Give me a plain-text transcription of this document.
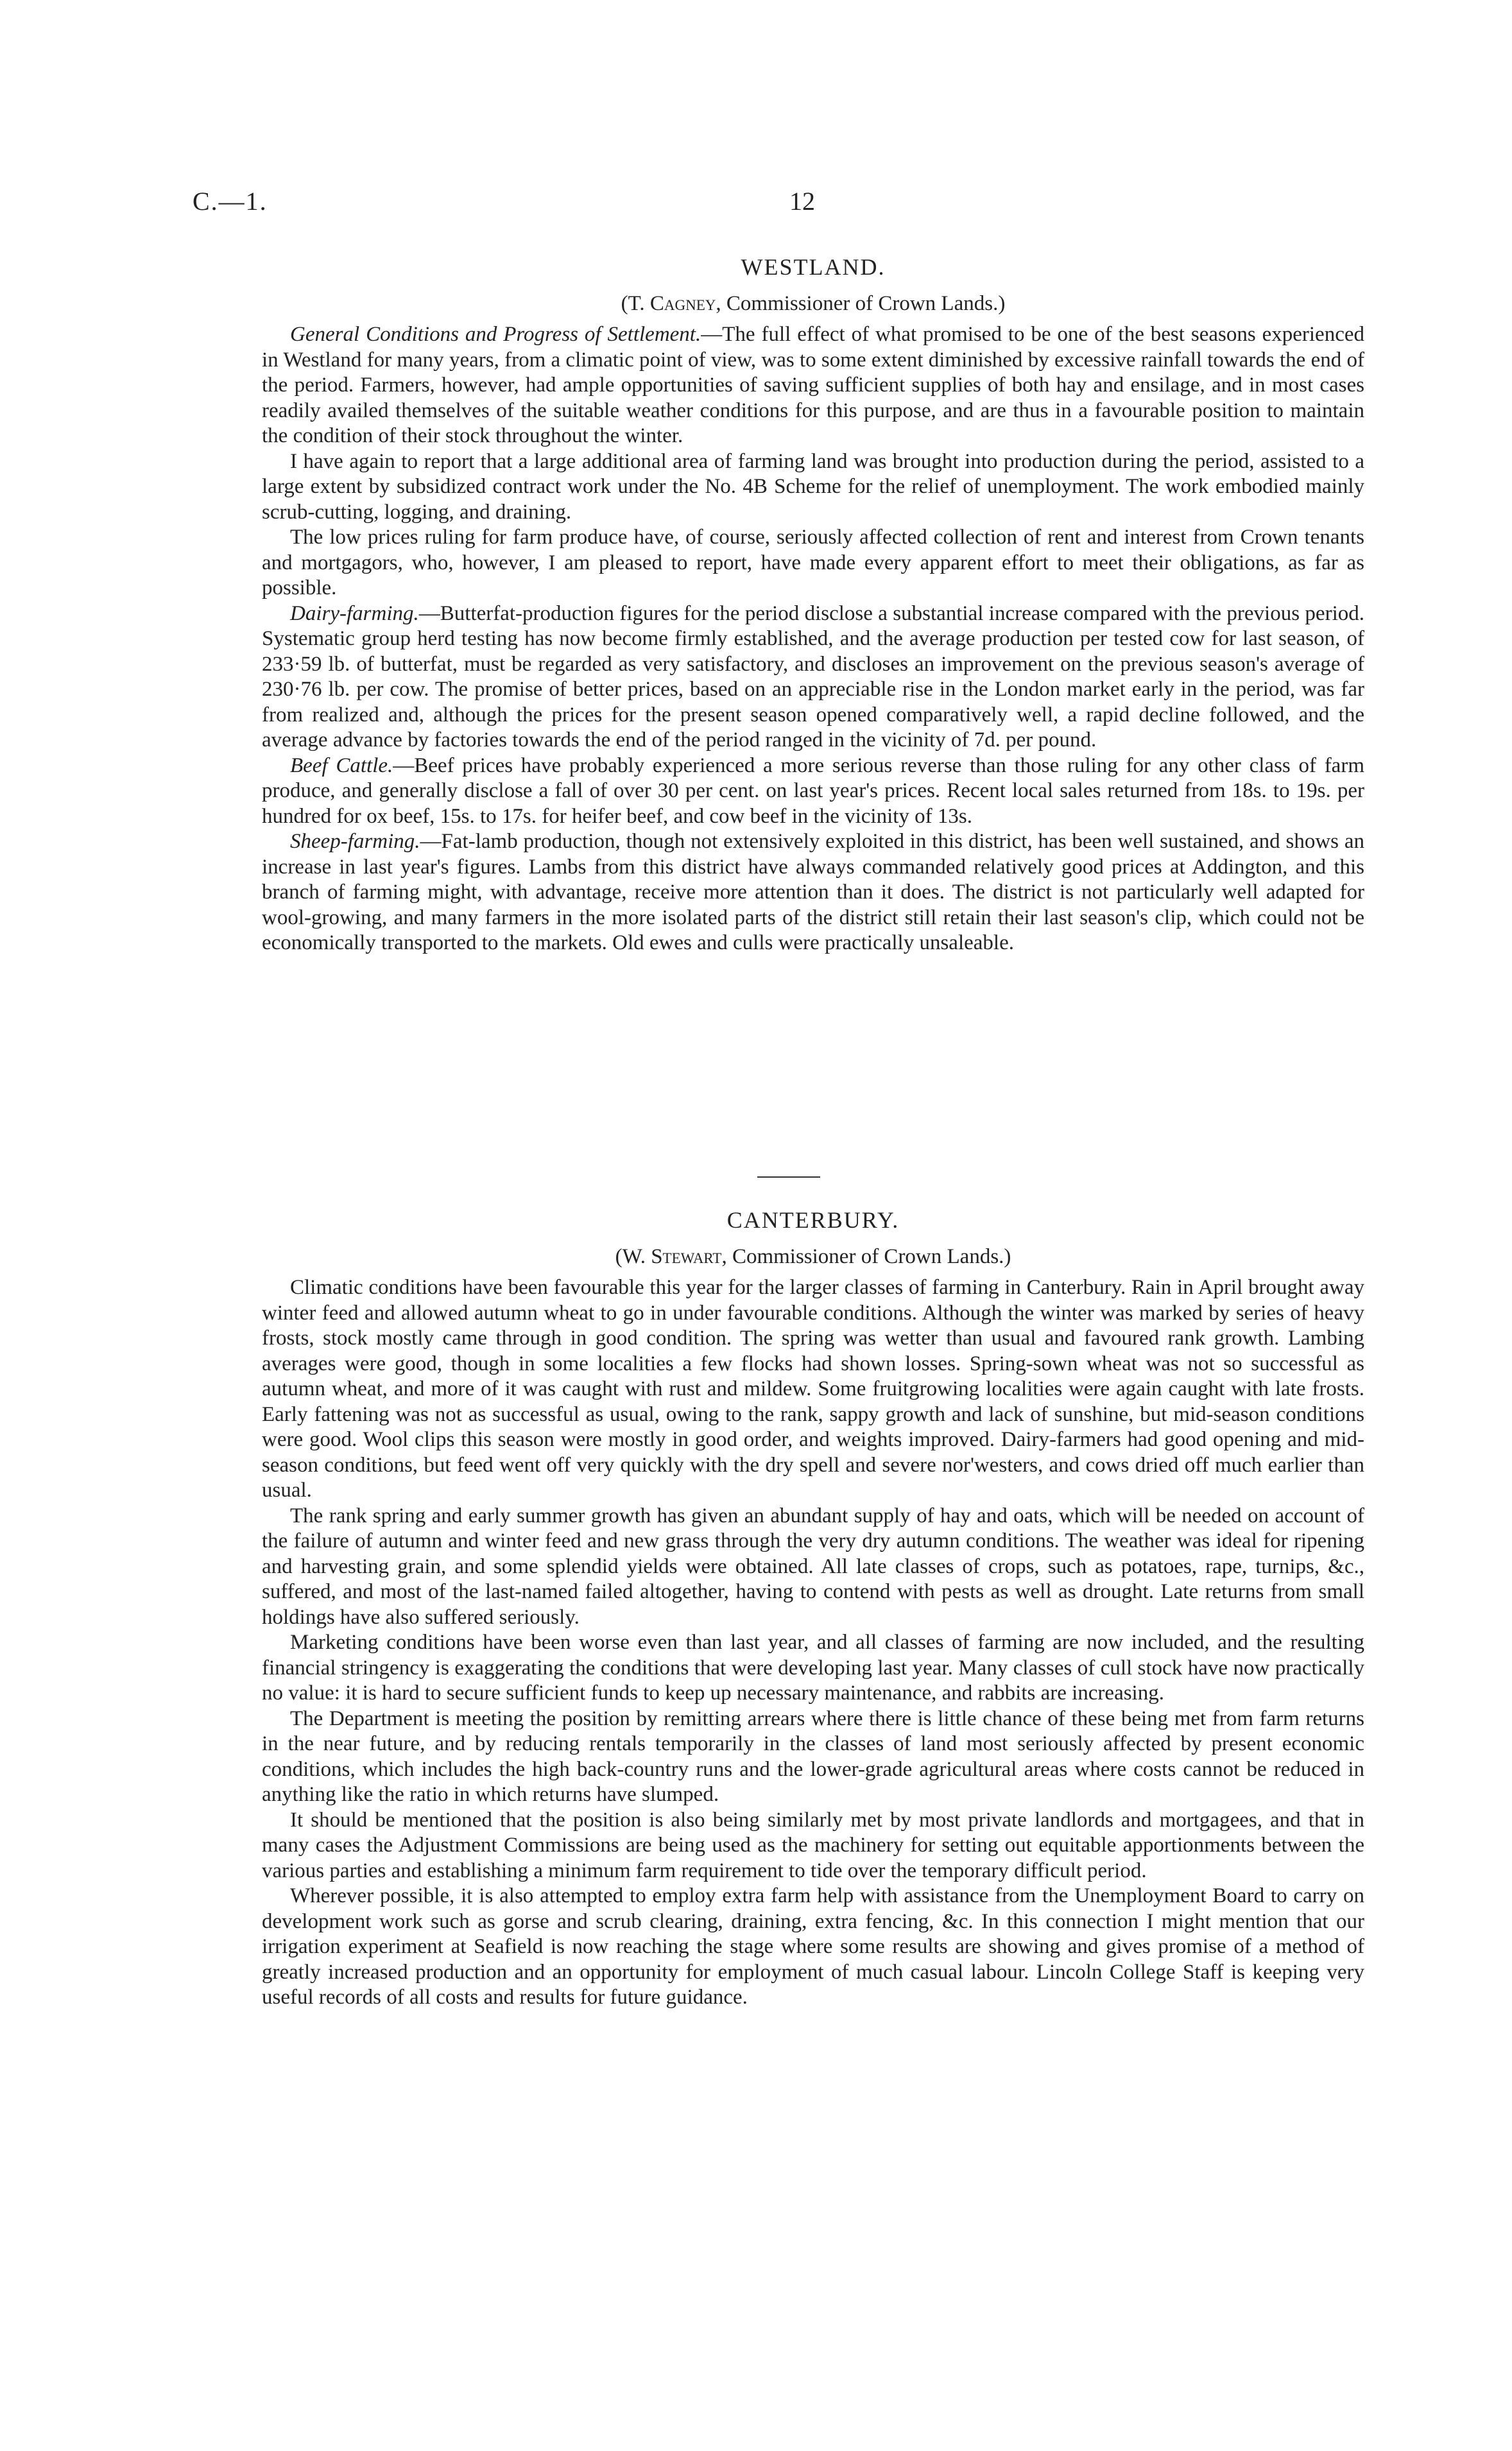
C.—1.	12
WESTLAND.

(T. Cagney, Commissioner of Crown Lands.)

General Conditions and Progress of Settlement.—The full effect of what promised to be one of the best seasons experienced in Westland for many years, from a climatic point of view, was to some extent diminished by excessive rainfall towards the end of the period. Farmers, however, had ample opportunities of saving sufficient supplies of both hay and ensilage, and in most cases readily availed themselves of the suitable weather conditions for this purpose, and are thus in a favourable position to maintain the condition of their stock throughout the winter.

I have again to report that a large additional area of farming land was brought into production during the period, assisted to a large extent by subsidized contract work under the No. 4B Scheme for the relief of unemployment. The work embodied mainly scrub-cutting, logging, and draining.

The low prices ruling for farm produce have, of course, seriously affected collection of rent and interest from Crown tenants and mortgagors, who, however, I am pleased to report, have made every apparent effort to meet their obligations, as far as possible.

Dairy-farming.—Butterfat-production figures for the period disclose a substantial increase compared with the previous period. Systematic group herd testing has now become firmly established, and the average production per tested cow for last season, of 233·59 lb. of butterfat, must be regarded as very satisfactory, and discloses an improvement on the previous season's average of 230·76 lb. per cow. The promise of better prices, based on an appreciable rise in the London market early in the period, was far from realized and, although the prices for the present season opened comparatively well, a rapid decline followed, and the average advance by factories towards the end of the period ranged in the vicinity of 7d. per pound.

Beef Cattle.—Beef prices have probably experienced a more serious reverse than those ruling for any other class of farm produce, and generally disclose a fall of over 30 per cent. on last year's prices. Recent local sales returned from 18s. to 19s. per hundred for ox beef, 15s. to 17s. for heifer beef, and cow beef in the vicinity of 13s.

Sheep-farming.—Fat-lamb production, though not extensively exploited in this district, has been well sustained, and shows an increase in last year's figures. Lambs from this district have always commanded relatively good prices at Addington, and this branch of farming might, with advantage, receive more attention than it does. The district is not particularly well adapted for wool-growing, and many farmers in the more isolated parts of the district still retain their last season's clip, which could not be economically transported to the markets. Old ewes and culls were practically unsaleable.

CANTERBURY.

(W. Stewart, Commissioner of Crown Lands.)

Climatic conditions have been favourable this year for the larger classes of farming in Canterbury. Rain in April brought away winter feed and allowed autumn wheat to go in under favourable conditions. Although the winter was marked by series of heavy frosts, stock mostly came through in good condition. The spring was wetter than usual and favoured rank growth. Lambing averages were good, though in some localities a few flocks had shown losses. Spring-sown wheat was not so successful as autumn wheat, and more of it was caught with rust and mildew. Some fruitgrowing localities were again caught with late frosts. Early fattening was not as successful as usual, owing to the rank, sappy growth and lack of sunshine, but mid-season conditions were good. Wool clips this season were mostly in good order, and weights improved. Dairy-farmers had good opening and mid-season conditions, but feed went off very quickly with the dry spell and severe nor'westers, and cows dried off much earlier than usual.

The rank spring and early summer growth has given an abundant supply of hay and oats, which will be needed on account of the failure of autumn and winter feed and new grass through the very dry autumn conditions. The weather was ideal for ripening and harvesting grain, and some splendid yields were obtained. All late classes of crops, such as potatoes, rape, turnips, &c., suffered, and most of the last-named failed altogether, having to contend with pests as well as drought. Late returns from small holdings have also suffered seriously.

Marketing conditions have been worse even than last year, and all classes of farming are now included, and the resulting financial stringency is exaggerating the conditions that were developing last year. Many classes of cull stock have now practically no value: it is hard to secure sufficient funds to keep up necessary maintenance, and rabbits are increasing.

The Department is meeting the position by remitting arrears where there is little chance of these being met from farm returns in the near future, and by reducing rentals temporarily in the classes of land most seriously affected by present economic conditions, which includes the high back-country runs and the lower-grade agricultural areas where costs cannot be reduced in anything like the ratio in which returns have slumped.

It should be mentioned that the position is also being similarly met by most private landlords and mortgagees, and that in many cases the Adjustment Commissions are being used as the machinery for setting out equitable apportionments between the various parties and establishing a minimum farm requirement to tide over the temporary difficult period.

Wherever possible, it is also attempted to employ extra farm help with assistance from the Unemployment Board to carry on development work such as gorse and scrub clearing, draining, extra fencing, &c. In this connection I might mention that our irrigation experiment at Seafield is now reaching the stage where some results are showing and gives promise of a method of greatly increased production and an opportunity for employment of much casual labour. Lincoln College Staff is keeping very useful records of all costs and results for future guidance.
